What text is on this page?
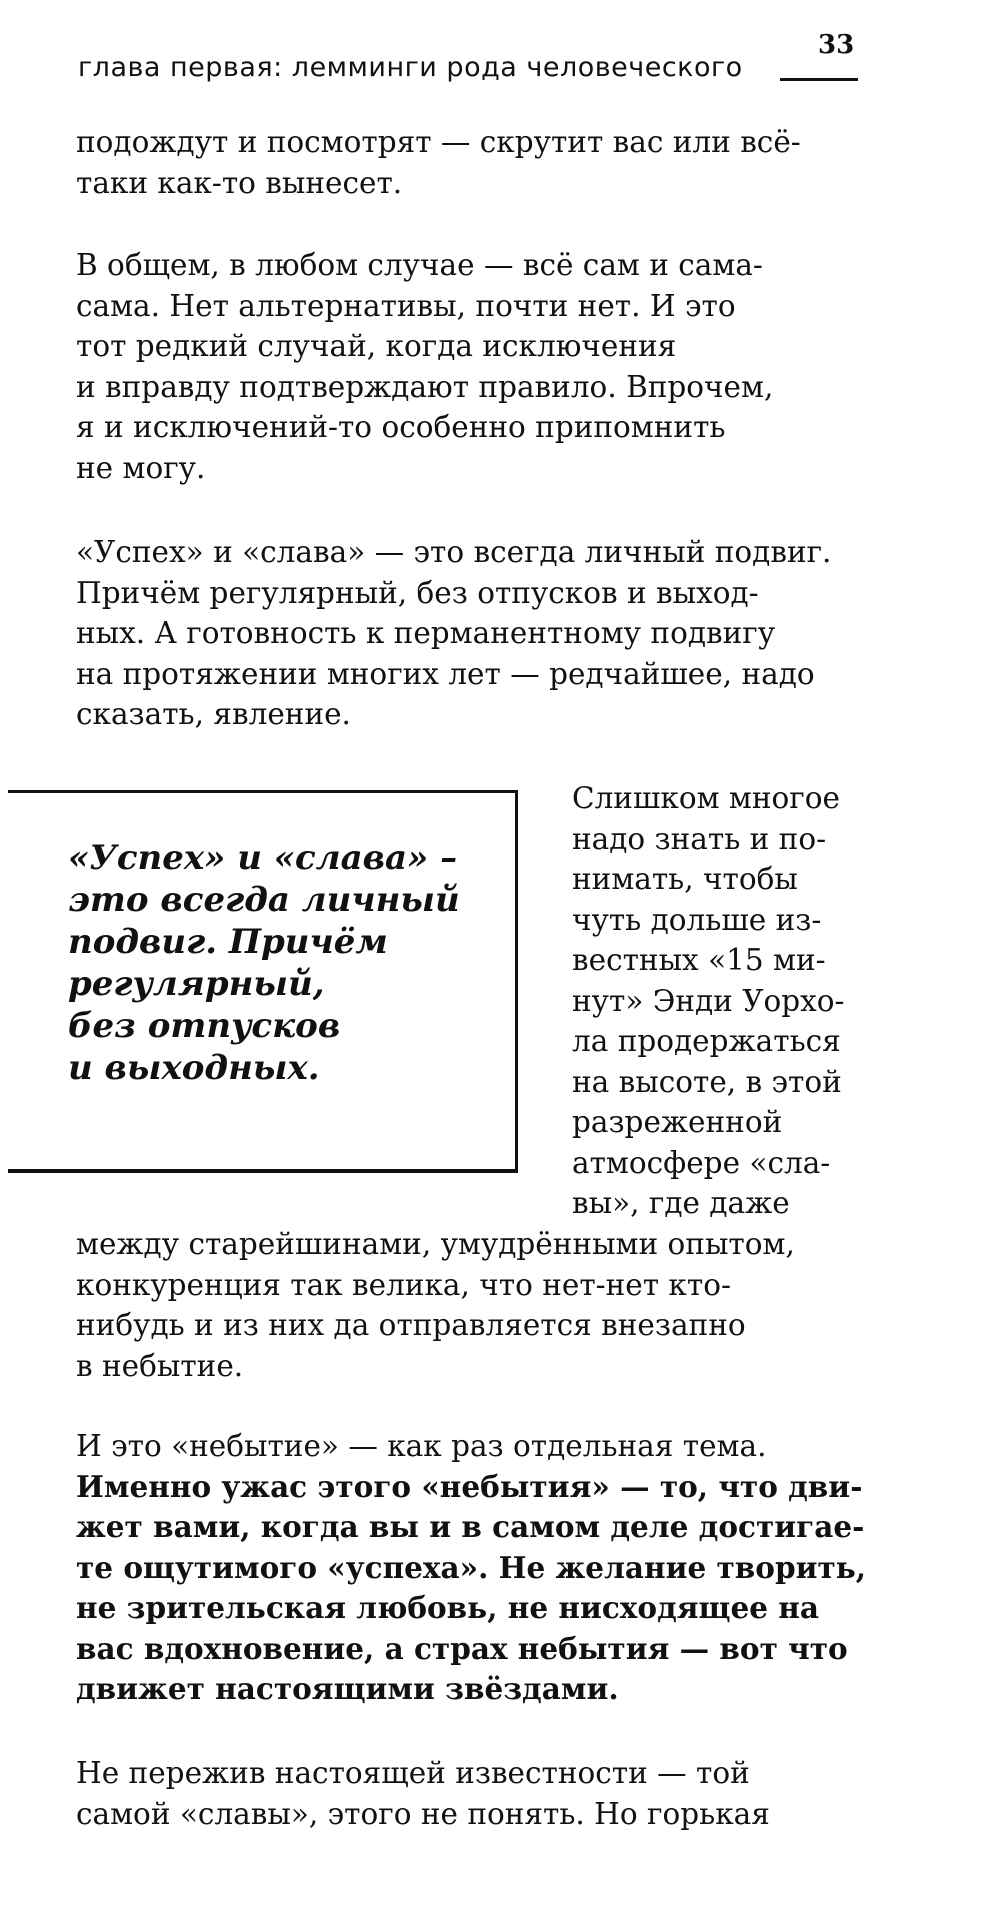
глава первая: лемминги рода человеческого
33
подождут и посмотрят — скрутит вас или всё-
таки как-то вынесет.
В общем, в любом случае — всё сам и сама-
сама. Нет альтернативы, почти нет. И это
тот редкий случай, когда исключения
и вправду подтверждают правило. Впрочем,
я и исключений-то особенно припомнить
не могу.
«Успех» и «слава» — это всегда личный подвиг.
Причём регулярный, без отпусков и выход-
ных. А готовность к перманентному подвигу
на протяжении многих лет — редчайшее, надо
сказать, явление.
«Успех» и «слава» –
это всегда личный
подвиг. Причём
регулярный,
без отпусков
и выходных.
Слишком многое
надо знать и по-
нимать, чтобы
чуть дольше из-
вестных «15 ми-
нут» Энди Уорхо-
ла продержаться
на высоте, в этой
разреженной
атмосфере «сла-
вы», где даже
между старейшинами, умудрёнными опытом,
конкуренция так велика, что нет-нет кто-
нибудь и из них да отправляется внезапно
в небытие.
И это «небытие» — как раз отдельная тема.
Именно ужас этого «небытия» — то, что дви-
жет вами, когда вы и в самом деле достигае-
те ощутимого «успеха». Не желание творить,
не зрительская любовь, не нисходящее на
вас вдохновение, а страх небытия — вот что
движет настоящими звёздами.
Не пережив настоящей известности — той
самой «славы», этого не понять. Но горькая
